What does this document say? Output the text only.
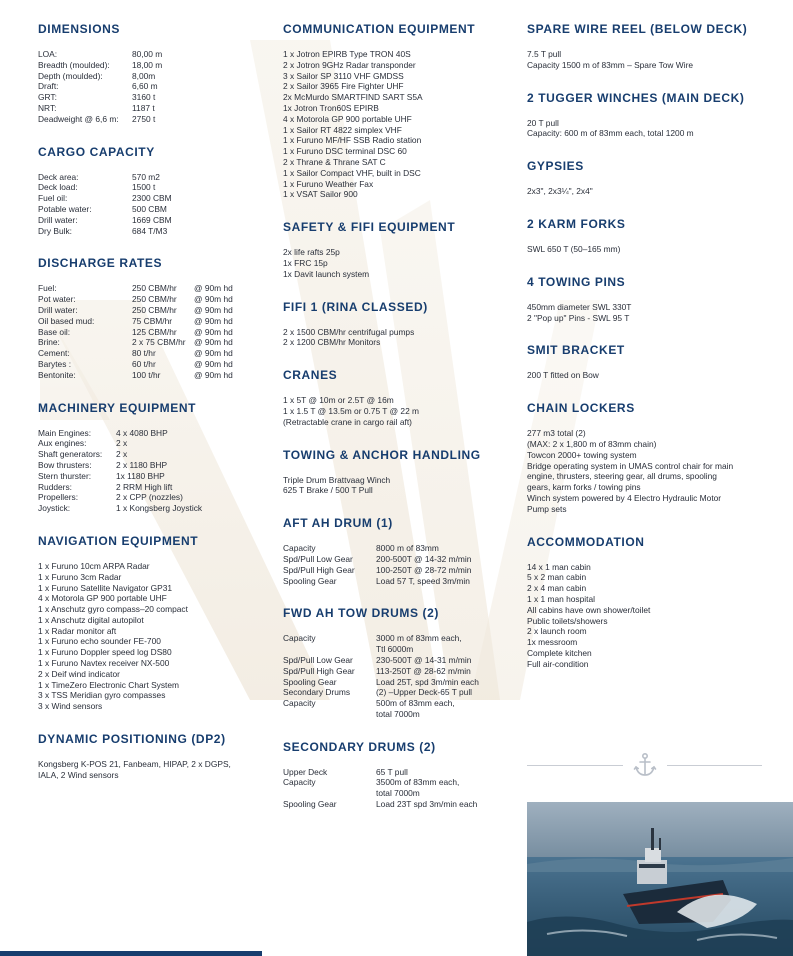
DIMENSIONS
LOA:	80,00 m
Breadth (moulded):	18,00 m
Depth (moulded):	8,00m
Draft:	6,60 m
GRT:	3160 t
NRT:	1187 t
Deadweight @ 6,6 m:	2750 t
CARGO CAPACITY
Deck area:	570 m2
Deck load:	1500 t
Fuel oil:	2300 CBM
Potable water:	500 CBM
Drill water:	1669 CBM
Dry Bulk:	684 T/M3
DISCHARGE RATES
Fuel:	250 CBM/hr	@ 90m hd
Pot water:	250 CBM/hr	@ 90m hd
Drill water:	250 CBM/hr	@ 90m hd
Oil based mud:	75 CBM/hr	@ 90m hd
Base oil:	125 CBM/hr	@ 90m hd
Brine:	2 x 75 CBM/hr	@ 90m hd
Cement:	80 t/hr	@ 90m hd
Barytes :	60 t/hr	@ 90m hd
Bentonite:	100 t/hr	@ 90m hd
MACHINERY EQUIPMENT
Main Engines:	4 x 4080 BHP
Aux engines:	2 x
Shaft generators:	2 x
Bow thrusters:	2 x 1180 BHP
Stern thurster:	1x 1180 BHP
Rudders:	2 RRM High lift
Propellers:	2 x CPP (nozzles)
Joystick:	1 x Kongsberg Joystick
NAVIGATION EQUIPMENT
1 x Furuno 10cm ARPA Radar
1 x Furuno 3cm Radar
1 x Furuno Satellite Navigator GP31
4 x Motorola GP 900 portable UHF
1 x Anschutz gyro compass–20 compact
1 x Anschutz digital autopilot
1 x Radar monitor aft
1 x Furuno echo sounder FE-700
1 x Furuno Doppler speed log DS80
1 x Furuno Navtex receiver NX-500
2 x Deif wind indicator
1 x TimeZero Electronic Chart System
3 x TSS Meridian gyro compasses
3 x Wind sensors
DYNAMIC POSITIONING (DP2)
Kongsberg K-POS 21, Fanbeam, HIPAP, 2 x DGPS,
IALA, 2 Wind sensors
COMMUNICATION EQUIPMENT
1 x Jotron EPIRB Type TRON 40S
2 x Jotron 9GHz Radar transponder
3 x Sailor SP 3110 VHF GMDSS
2 x Sailor 3965 Fire Fighter UHF
2x McMurdo SMARTFIND SART S5A
1x Jotron Tron60S EPIRB
4 x Motorola GP 900 portable UHF
1 x Sailor RT 4822 simplex VHF
1 x Furuno MF/HF SSB Radio station
1 x Furuno DSC terminal DSC 60
2 x Thrane & Thrane SAT C
1 x Sailor Compact VHF, built in DSC
1 x Furuno Weather Fax
1 x VSAT Sailor 900
SAFETY & FIFI EQUIPMENT
2x life rafts 25p
1x FRC 15p
1x Davit launch system
FIFI 1 (RINA CLASSED)
2 x 1500 CBM/hr centrifugal pumps
2 x 1200 CBM/hr Monitors
CRANES
1 x 5T @ 10m or 2.5T @ 16m
1 x 1.5 T @ 13.5m or 0.75 T @ 22 m
(Retractable crane in cargo rail aft)
TOWING & ANCHOR HANDLING
Triple Drum Brattvaag Winch
625 T Brake / 500 T Pull
AFT AH DRUM (1)
Capacity	8000 m of 83mm
Spd/Pull Low Gear	200-500T @ 14-32 m/min
Spd/Pull High Gear	100-250T @ 28-72 m/min
Spooling Gear	Load 57 T, speed 3m/min
FWD AH TOW DRUMS (2)
Capacity	3000 m of 83mm each,
Ttl 6000m
Spd/Pull Low Gear	230-500T @ 14-31 m/min
Spd/Pull High Gear	113-250T @ 28-62 m/min
Spooling Gear	Load 25T, spd 3m/min each
Secondary Drums	(2) –Upper Deck-65 T pull
Capacity	500m of 83mm each,
total 7000m
SECONDARY DRUMS (2)
Upper Deck	65 T pull
Capacity	3500m of 83mm each,
total 7000m
Spooling Gear	Load 23T spd 3m/min each
SPARE WIRE REEL (BELOW DECK)
7.5 T pull
Capacity 1500 m of 83mm – Spare Tow Wire
2 TUGGER WINCHES (MAIN DECK)
20 T pull
Capacity: 600 m of 83mm each, total 1200 m
GYPSIES
2x3", 2x3¼", 2x4"
2 KARM FORKS
SWL 650 T (50–165 mm)
4 TOWING PINS
450mm diameter SWL 330T
2 "Pop up" Pins - SWL 95 T
SMIT BRACKET
200 T fitted on Bow
CHAIN LOCKERS
277 m3 total (2)
(MAX: 2 x 1,800 m of 83mm chain)
Towcon 2000+ towing system
Bridge operating system in UMAS control chair for main
engine, thrusters, steering gear, all drums, spooling
gears, karm forks / towing pins
Winch system powered by 4 Electro Hydraulic Motor
Pump sets
ACCOMMODATION
14 x 1 man cabin
5 x 2 man cabin
2 x 4 man cabin
1 x 1 man hospital
All cabins have own shower/toilet
Public toilets/showers
2 x launch room
1x messroom
Complete kitchen
Full air-condition
